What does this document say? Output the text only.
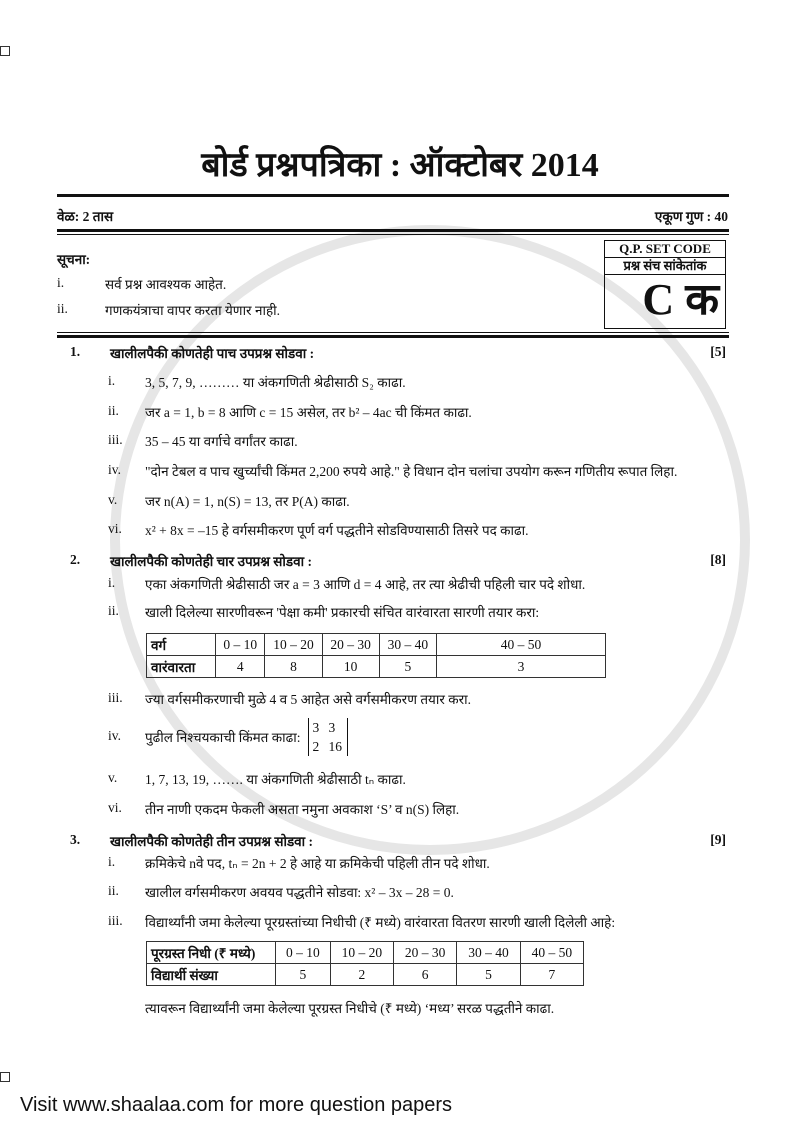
बोर्ड प्रश्नपत्रिका : ऑक्टोबर 2014
वेळ: 2 तास	एकूण गुण : 40
सूचना:
i.	सर्व प्रश्न आवश्यक आहेत.
ii.	गणकयंत्राचा वापर करता येणार नाही.
Q.P. SET CODE
प्रश्न संच सांकेतांक
C क
1. खालीलपैकी कोणतेही पाच उपप्रश्न सोडवा :	[5]
i. 3, 5, 7, 9, ……… या अंकगणिती श्रेढीसाठी S₂ काढा.
ii. जर a = 1, b = 8 आणि c = 15 असेल, तर b² – 4ac ची किंमत काढा.
iii. 35 – 45 या वर्गाचे वर्गांतर काढा.
iv. "दोन टेबल व पाच खुर्च्यांची किंमत 2,200 रुपये आहे." हे विधान दोन चलांचा उपयोग करून गणितीय रूपात लिहा.
v. जर n(A) = 1, n(S) = 13, तर P(A) काढा.
vi. x² + 8x = –15 हे वर्गसमीकरण पूर्ण वर्ग पद्धतीने सोडविण्यासाठी तिसरे पद काढा.
2. खालीलपैकी कोणतेही चार उपप्रश्न सोडवा :	[8]
i. एका अंकगणिती श्रेढीसाठी जर a = 3 आणि d = 4 आहे, तर त्या श्रेढीची पहिली चार पदे शोधा.
ii. खाली दिलेल्या सारणीवरून 'पेक्षा कमी' प्रकारची संचित वारंवारता सारणी तयार करा:
वर्ग	0 – 10	10 – 20	20 – 30	30 – 40	40 – 50
वारंवारता	4	8	10	5	3
iii. ज्या वर्गसमीकरणाची मुळे 4 व 5 आहेत असे वर्गसमीकरण तयार करा.
iv. पुढील निश्चयकाची किंमत काढा:
3 3
2 16
v. 1, 7, 13, 19, ……. या अंकगणिती श्रेढीसाठी tₙ काढा.
vi. तीन नाणी एकदम फेकली असता नमुना अवकाश ‘S’ व n(S) लिहा.
3. खालीलपैकी कोणतेही तीन उपप्रश्न सोडवा :	[9]
i. क्रमिकेचे nवे पद, tₙ = 2n + 2 हे आहे या क्रमिकेची पहिली तीन पदे शोधा.
ii. खालील वर्गसमीकरण अवयव पद्धतीने सोडवा: x² – 3x – 28 = 0.
iii. विद्यार्थ्यांनी जमा केलेल्या पूरग्रस्तांच्या निधीची (₹ मध्ये) वारंवारता वितरण सारणी खाली दिलेली आहे:
पूरग्रस्त निधी (₹ मध्ये)	0 – 10	10 – 20	20 – 30	30 – 40	40 – 50
विद्यार्थी संख्या	5	2	6	5	7
त्यावरून विद्यार्थ्यांनी जमा केलेल्या पूरग्रस्त निधीचे (₹ मध्ये) ‘मध्य’ सरळ पद्धतीने काढा.
Visit www.shaalaa.com for more question papers
